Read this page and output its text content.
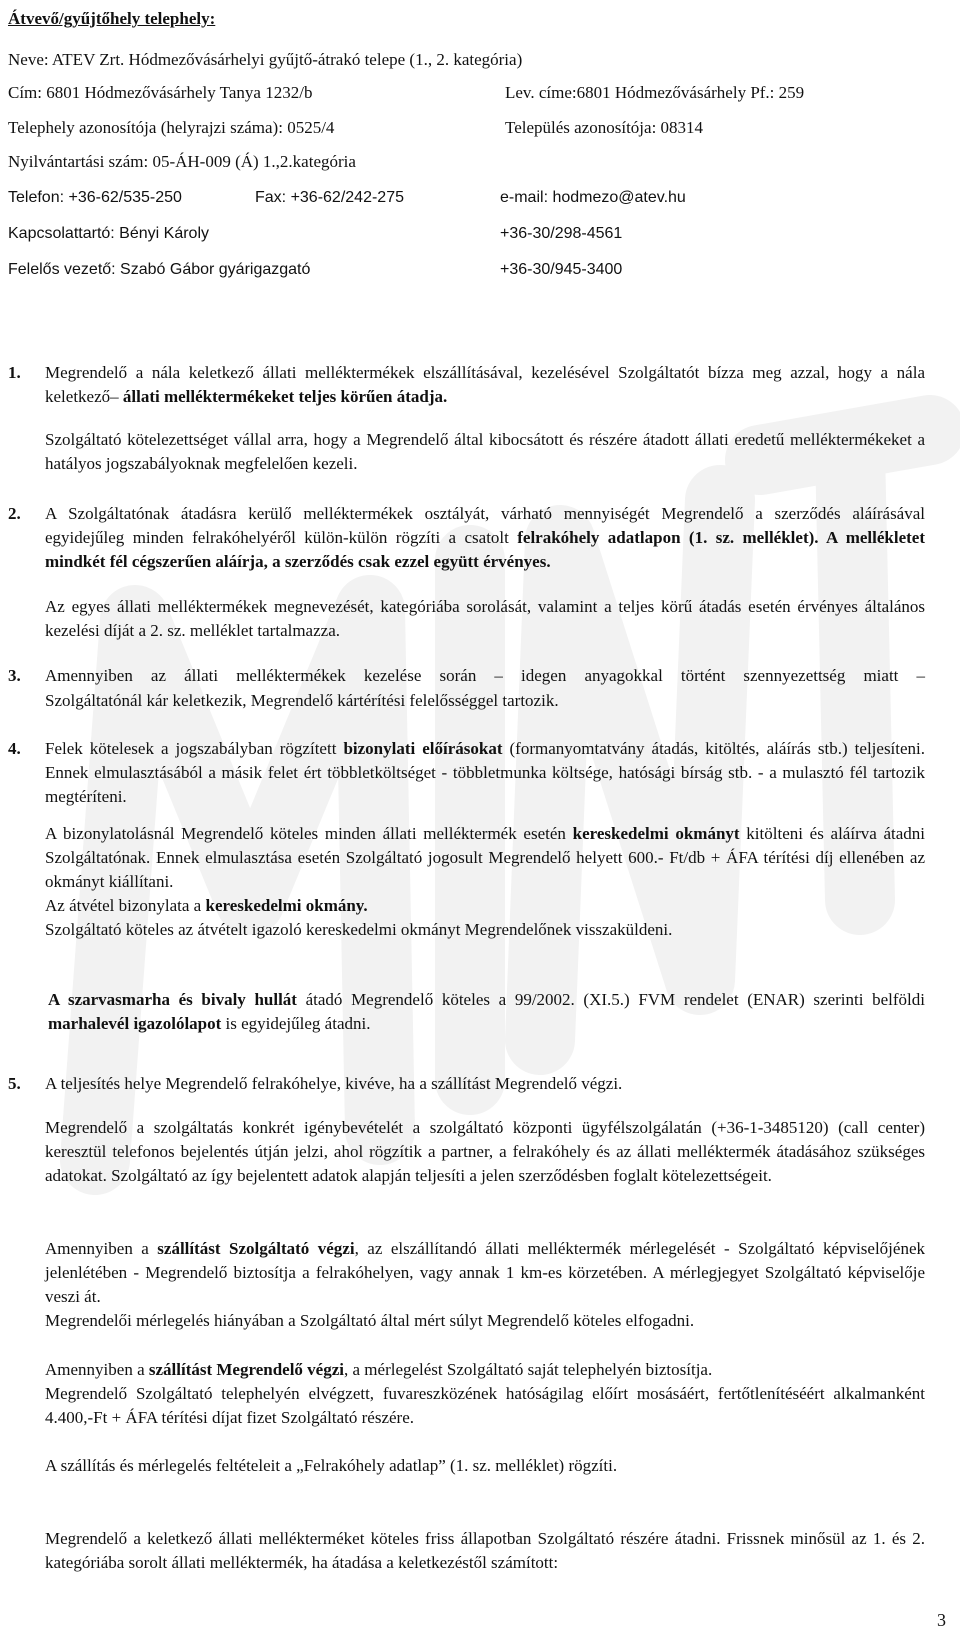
Átvevő/gyűjtőhely telephely:
Neve: ATEV Zrt. Hódmezővásárhelyi gyűjtő-átrakó telepe (1., 2. kategória)
Cím: 6801 Hódmezővásárhely Tanya 1232/b	Lev. címe:6801 Hódmezővásárhely Pf.: 259
Telephely azonosítója (helyrajzi száma): 0525/4	Település azonosítója: 08314
Nyilvántartási szám: 05-ÁH-009 (Á) 1.,2.kategória
Telefon: +36-62/535-250	Fax: +36-62/242-275	e-mail: hodmezo@atev.hu
Kapcsolattartó: Bényi Károly	+36-30/298-4561
Felelős vezető: Szabó Gábor gyárigazgató	+36-30/945-3400
1. Megrendelő a nála keletkező állati melléktermékek elszállításával, kezelésével Szolgáltatót bízza meg azzal, hogy a nála keletkező– állati melléktermékeket teljes körűen átadja.
Szolgáltató kötelezettséget vállal arra, hogy a Megrendelő által kibocsátott és részére átadott állati eredetű melléktermékeket a hatályos jogszabályoknak megfelelően kezeli.
2. A Szolgáltatónak átadásra kerülő melléktermékek osztályát, várható mennyiségét Megrendelő a szerződés aláírásával egyidejűleg minden felrakóhelyéről külön-külön rögzíti a csatolt felrakóhely adatlapon (1. sz. melléklet). A mellékletet mindkét fél cégszerűen aláírja, a szerződés csak ezzel együtt érvényes.
Az egyes állati melléktermékek megnevezését, kategóriába sorolását, valamint a teljes körű átadás esetén érvényes általános kezelési díját a 2. sz. melléklet tartalmazza.
3. Amennyiben az állati melléktermékek kezelése során – idegen anyagokkal történt szennyezettség miatt –
Szolgáltatónál kár keletkezik, Megrendelő kártérítési felelősséggel tartozik.
4. Felek kötelesek a jogszabályban rögzített bizonylati előírásokat (formanyomtatvány átadás, kitöltés, aláírás stb.) teljesíteni. Ennek elmulasztásából a másik felet ért többletköltséget - többletmunka költsége, hatósági bírság stb. - a mulasztó fél tartozik megtéríteni.
A bizonylatolásnál Megrendelő köteles minden állati melléktermék esetén kereskedelmi okmányt kitölteni és aláírva átadni Szolgáltatónak. Ennek elmulasztása esetén Szolgáltató jogosult Megrendelő helyett 600.- Ft/db + ÁFA térítési díj ellenében az okmányt kiállítani.
Az átvétel bizonylata a kereskedelmi okmány.
Szolgáltató köteles az átvételt igazoló kereskedelmi okmányt Megrendelőnek visszaküldeni.
A szarvasmarha és bivaly hullát átadó Megrendelő köteles a 99/2002. (XI.5.) FVM rendelet (ENAR) szerinti belföldi marhalevél igazolólapot is egyidejűleg átadni.
5. A teljesítés helye Megrendelő felrakóhelye, kivéve, ha a szállítást Megrendelő végzi.
Megrendelő a szolgáltatás konkrét igénybevételét a szolgáltató központi ügyfélszolgálatán (+36-1-3485120) (call center) keresztül telefonos bejelentés útján jelzi, ahol rögzítik a partner, a felrakóhely és az állati melléktermék átadásához szükséges adatokat. Szolgáltató az így bejelentett adatok alapján teljesíti a jelen szerződésben foglalt kötelezettségeit.
Amennyiben a szállítást Szolgáltató végzi, az elszállítandó állati melléktermék mérlegelését - Szolgáltató képviselőjének jelenlétében - Megrendelő biztosítja a felrakóhelyen, vagy annak 1 km-es körzetében. A mérlegjegyet Szolgáltató képviselője veszi át.
Megrendelői mérlegelés hiányában a Szolgáltató által mért súlyt Megrendelő köteles elfogadni.
Amennyiben a szállítást Megrendelő végzi, a mérlegelést Szolgáltató saját telephelyén biztosítja.
Megrendelő Szolgáltató telephelyén elvégzett, fuvareszközének hatóságilag előírt mosásáért, fertőtlenítéséért alkalmanként 4.400,-Ft + ÁFA térítési díjat fizet Szolgáltató részére.
A szállítás és mérlegelés feltételeit a „Felrakóhely adatlap” (1. sz. melléklet) rögzíti.
Megrendelő a keletkező állati mellékterméket köteles friss állapotban Szolgáltató részére átadni. Frissnek minősül az 1. és 2. kategóriába sorolt állati melléktermék, ha átadása a keletkezéstől számított:
3
